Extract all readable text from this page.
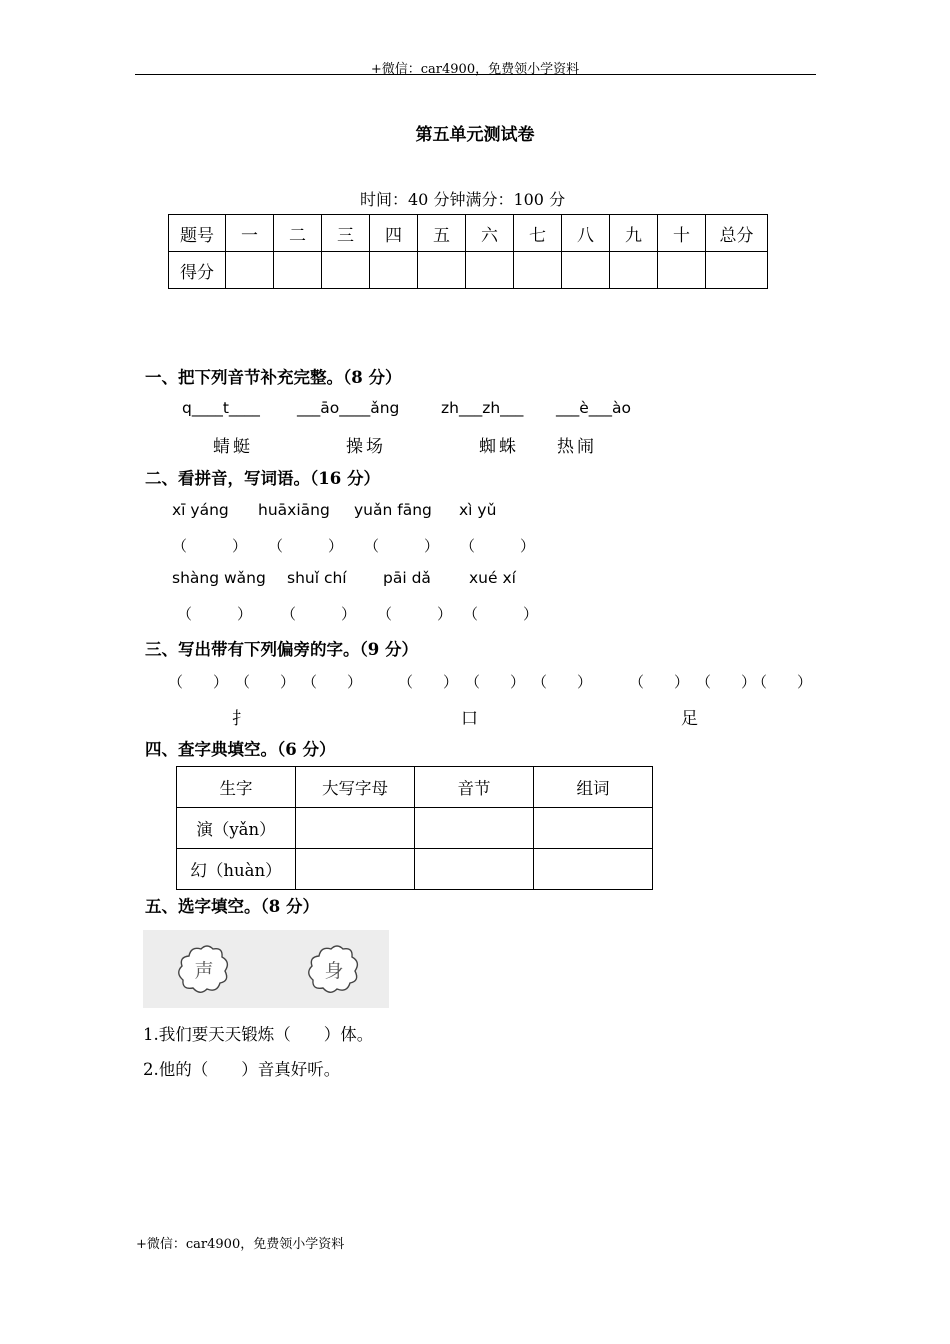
+微信：car4900，免费领小学资料
第五单元测试卷
时间：40 分钟满分：100 分
题号	一	二	三	四	五	六	七	八	九	十	总分
得分											
一、把下列音节补充完整。（8 分）
q____t____ ___āo____ǎng	zh___zh___ ___è___ào
蜻蜓	操场	蜘蛛 热闹
二、看拼音，写词语。（16 分）
xī yáng huāxiāng yuǎn fāng xì yǔ
（　　　） （　　　） （　　　） （　　　）
shàng wǎng shuǐ chí pāi dǎ xué xí
（　　　） （　　　） （　　　） （　　　）
三、写出带有下列偏旁的字。（9 分）
（　　） （　　） （　　） （　　） （　　） （　　） （　　） （　　）
（　　）
扌	口	足
四、查字典填空。（6 分）
生字	大写字母	音节	组词
演（yǎn）			
幻（huàn）			
五、选字填空。（8 分）
声	身
1.我们要天天锻炼（　　）体。
2.他的（　　）音真好听。
+微信：car4900，免费领小学资料
